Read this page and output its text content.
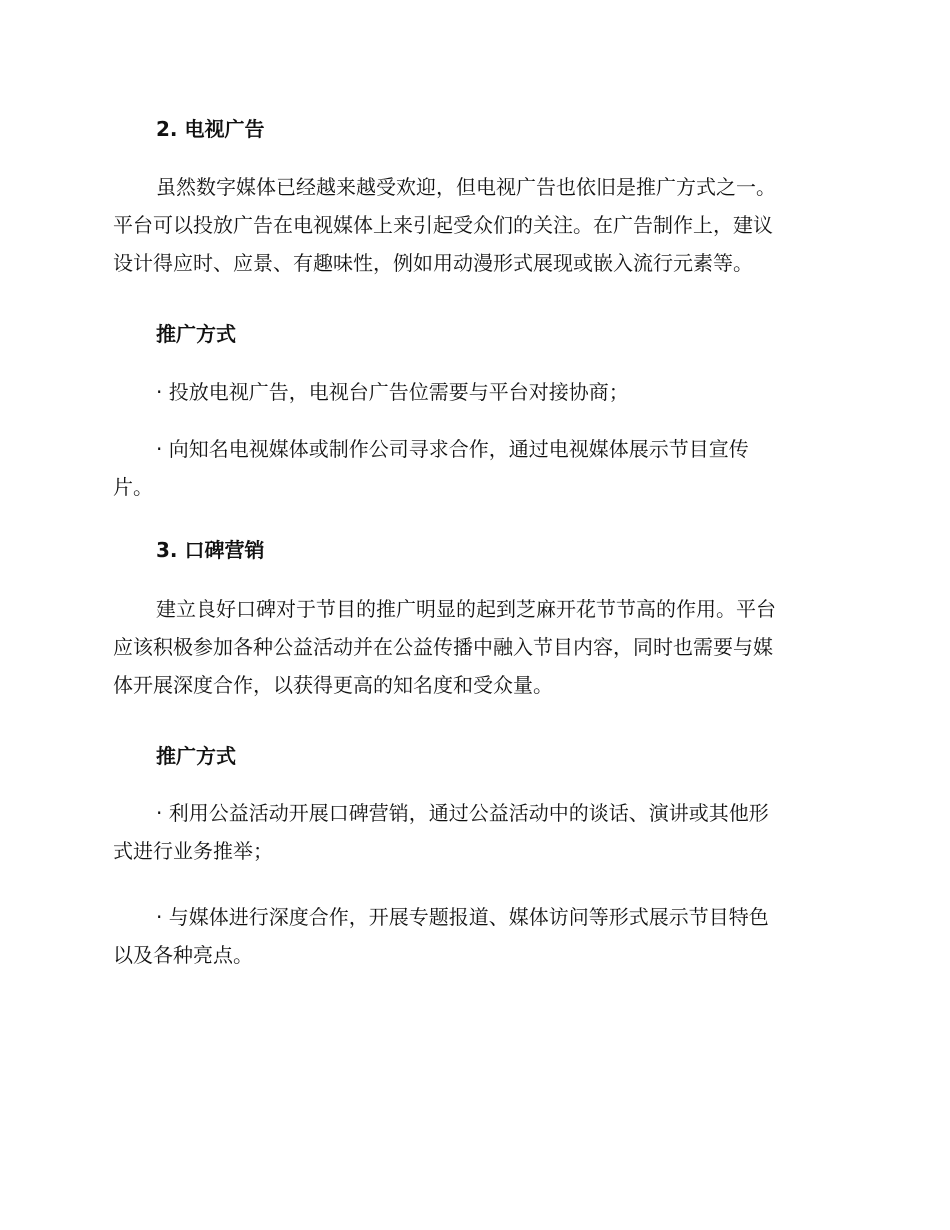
2. 电视广告
虽然数字媒体已经越来越受欢迎，但电视广告也依旧是推广方式之一。
平台可以投放广告在电视媒体上来引起受众们的关注。在广告制作上，建议
设计得应时、应景、有趣味性，例如用动漫形式展现或嵌入流行元素等。
推广方式
· 投放电视广告，电视台广告位需要与平台对接协商；
· 向知名电视媒体或制作公司寻求合作，通过电视媒体展示节目宣传
片。
3. 口碑营销
建立良好口碑对于节目的推广明显的起到芝麻开花节节高的作用。平台
应该积极参加各种公益活动并在公益传播中融入节目内容，同时也需要与媒
体开展深度合作，以获得更高的知名度和受众量。
推广方式
· 利用公益活动开展口碑营销，通过公益活动中的谈话、演讲或其他形
式进行业务推举；
· 与媒体进行深度合作，开展专题报道、媒体访问等形式展示节目特色
以及各种亮点。
